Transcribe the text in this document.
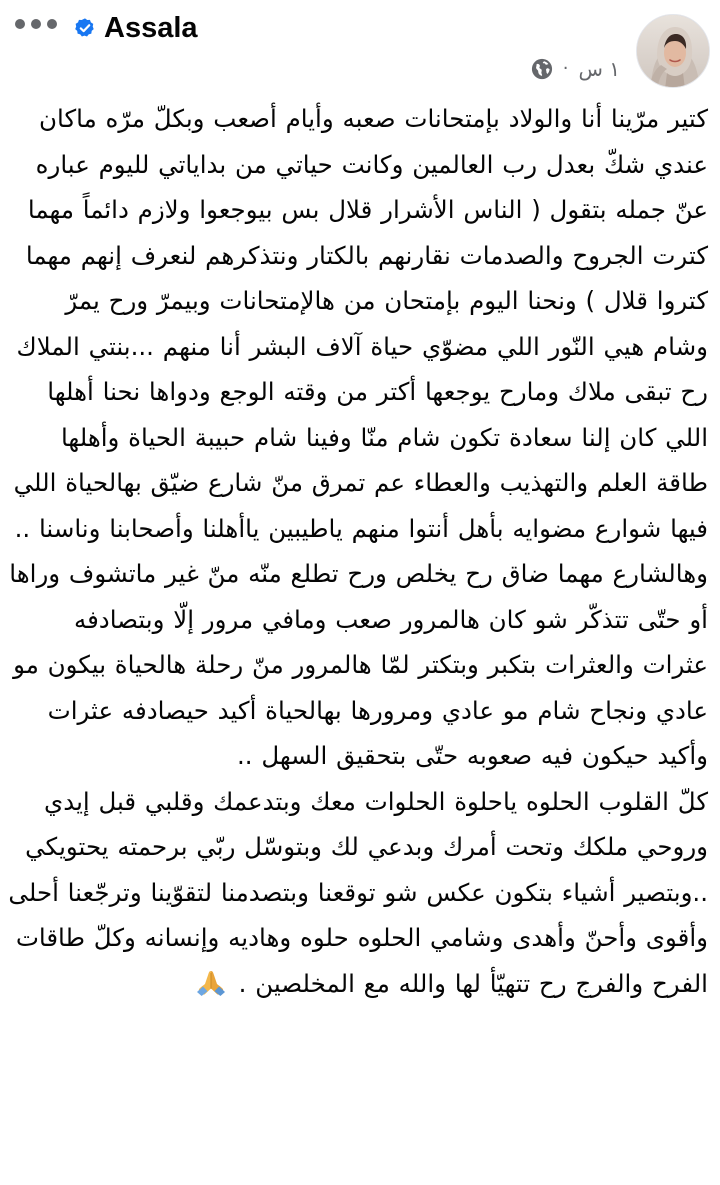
Assala
· ١ س
كتير مرّينا أنا والولاد بإمتحانات صعبه وأيام أصعب وبكلّ مرّه ماكان عندي شكّ بعدل رب العالمين وكانت حياتي من بداياتي لليوم عباره عنّ جمله بتقول ( الناس الأشرار قلال بس بيوجعوا ولازم دائماً مهما كترت الجروح والصدمات نقارنهم بالكتار ونتذكرهم لنعرف إنهم مهما كتروا قلال ) ونحنا اليوم بإمتحان من هالإمتحانات وبيمرّ ورح يمرّ وشام هيي النّور اللي مضوّي حياة آلاف البشر أنا منهم ...بنتي الملاك رح تبقى ملاك ومارح يوجعها أكتر من وقته الوجع ودواها نحنا أهلها اللي كان إلنا سعادة تكون شام منّا وفينا شام حبيبة الحياة وأهلها طاقة العلم والتهذيب والعطاء عم تمرق منّ شارع ضيّق بهالحياة اللي فيها شوارع مضوايه بأهل أنتوا منهم ياطيبين ياأهلنا وأصحابنا وناسنا ..
وهالشارع مهما ضاق رح يخلص ورح تطلع منّه منّ غير ماتشوف وراها أو حتّى تتذكّر شو كان هالمرور صعب ومافي مرور إلّا وبتصادفه عثرات والعثرات بتكبر وبتكتر لمّا هالمرور منّ رحلة هالحياة بيكون مو عادي ونجاح شام مو عادي ومرورها بهالحياة أكيد حيصادفه عثرات وأكيد حيكون فيه صعوبه حتّى بتحقيق السهل ..
كلّ القلوب الحلوه ياحلوة الحلوات معك وبتدعمك وقلبي قبل إيدي وروحي ملكك وتحت أمرك وبدعي لك وبتوسّل ربّي برحمته يحتويكي ..وبتصير أشياء بتكون عكس شو توقعنا وبتصدمنا لتقوّينا وترجّعنا أحلى وأقوى وأحنّ وأهدى وشامي الحلوه حلوه وهاديه وإنسانه وكلّ طاقات الفرح والفرج رح تتهيّأ لها والله مع المخلصين .
